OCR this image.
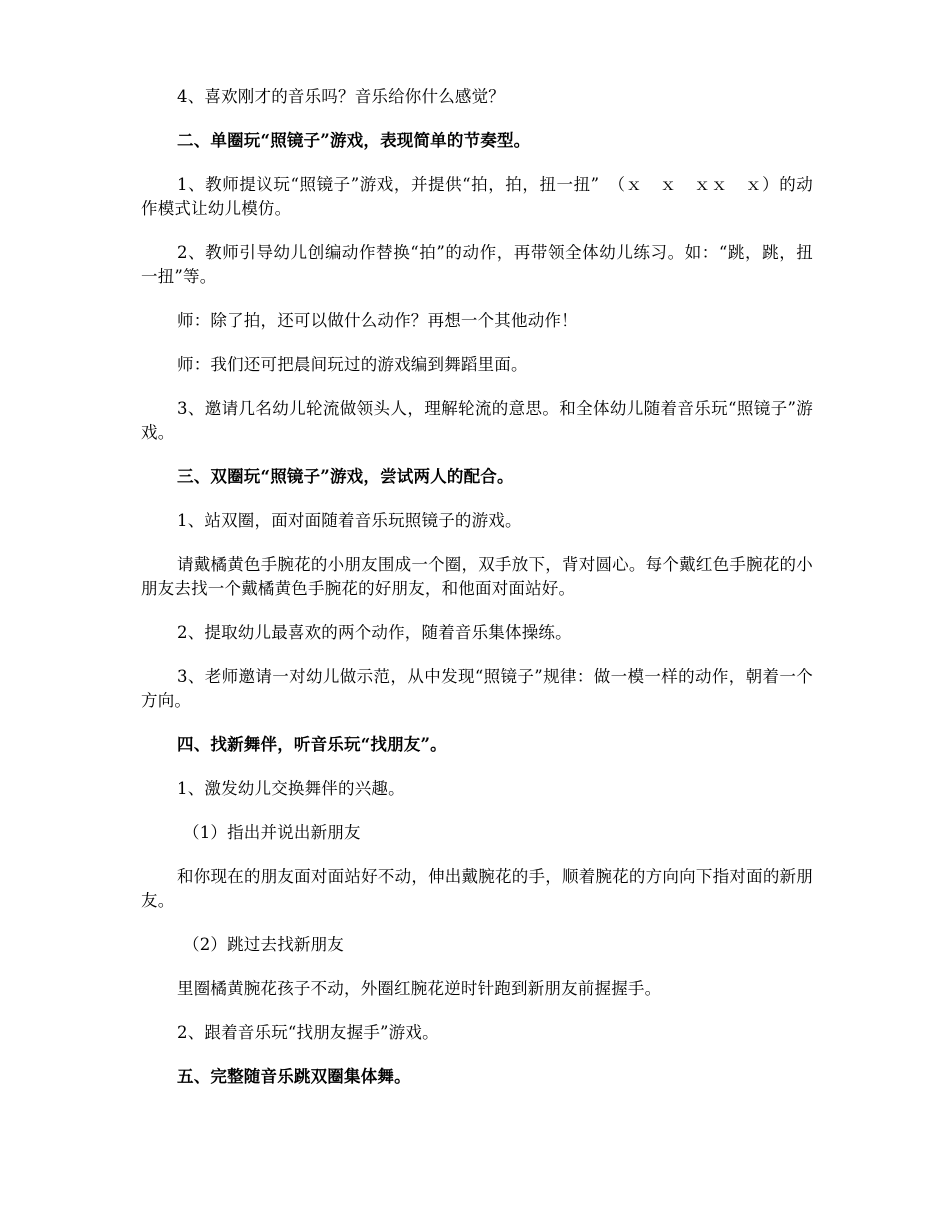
4、喜欢刚才的音乐吗？音乐给你什么感觉？

二、单圈玩“照镜子”游戏，表现简单的节奏型。

1、教师提议玩“照镜子”游戏，并提供“拍，拍，扭一扭”　（ｘ　ｘ　ｘｘ　ｘ）的动作模式让幼儿模仿。

2、教师引导幼儿创编动作替换“拍”的动作，再带领全体幼儿练习。如：“跳，跳，扭一扭”等。

师：除了拍，还可以做什么动作？再想一个其他动作！

师：我们还可把晨间玩过的游戏编到舞蹈里面。

3、邀请几名幼儿轮流做领头人，理解轮流的意思。和全体幼儿随着音乐玩“照镜子”游戏。

三、双圈玩“照镜子”游戏，尝试两人的配合。

1、站双圈，面对面随着音乐玩照镜子的游戏。

请戴橘黄色手腕花的小朋友围成一个圈，双手放下，背对圆心。每个戴红色手腕花的小朋友去找一个戴橘黄色手腕花的好朋友，和他面对面站好。

2、提取幼儿最喜欢的两个动作，随着音乐集体操练。

3、老师邀请一对幼儿做示范，从中发现“照镜子”规律：做一模一样的动作，朝着一个方向。

四、找新舞伴，听音乐玩“找朋友”。

1、激发幼儿交换舞伴的兴趣。

（1）指出并说出新朋友

和你现在的朋友面对面站好不动，伸出戴腕花的手，顺着腕花的方向向下指对面的新朋友。

（2）跳过去找新朋友

里圈橘黄腕花孩子不动，外圈红腕花逆时针跑到新朋友前握握手。

2、跟着音乐玩“找朋友握手”游戏。

五、完整随音乐跳双圈集体舞。
